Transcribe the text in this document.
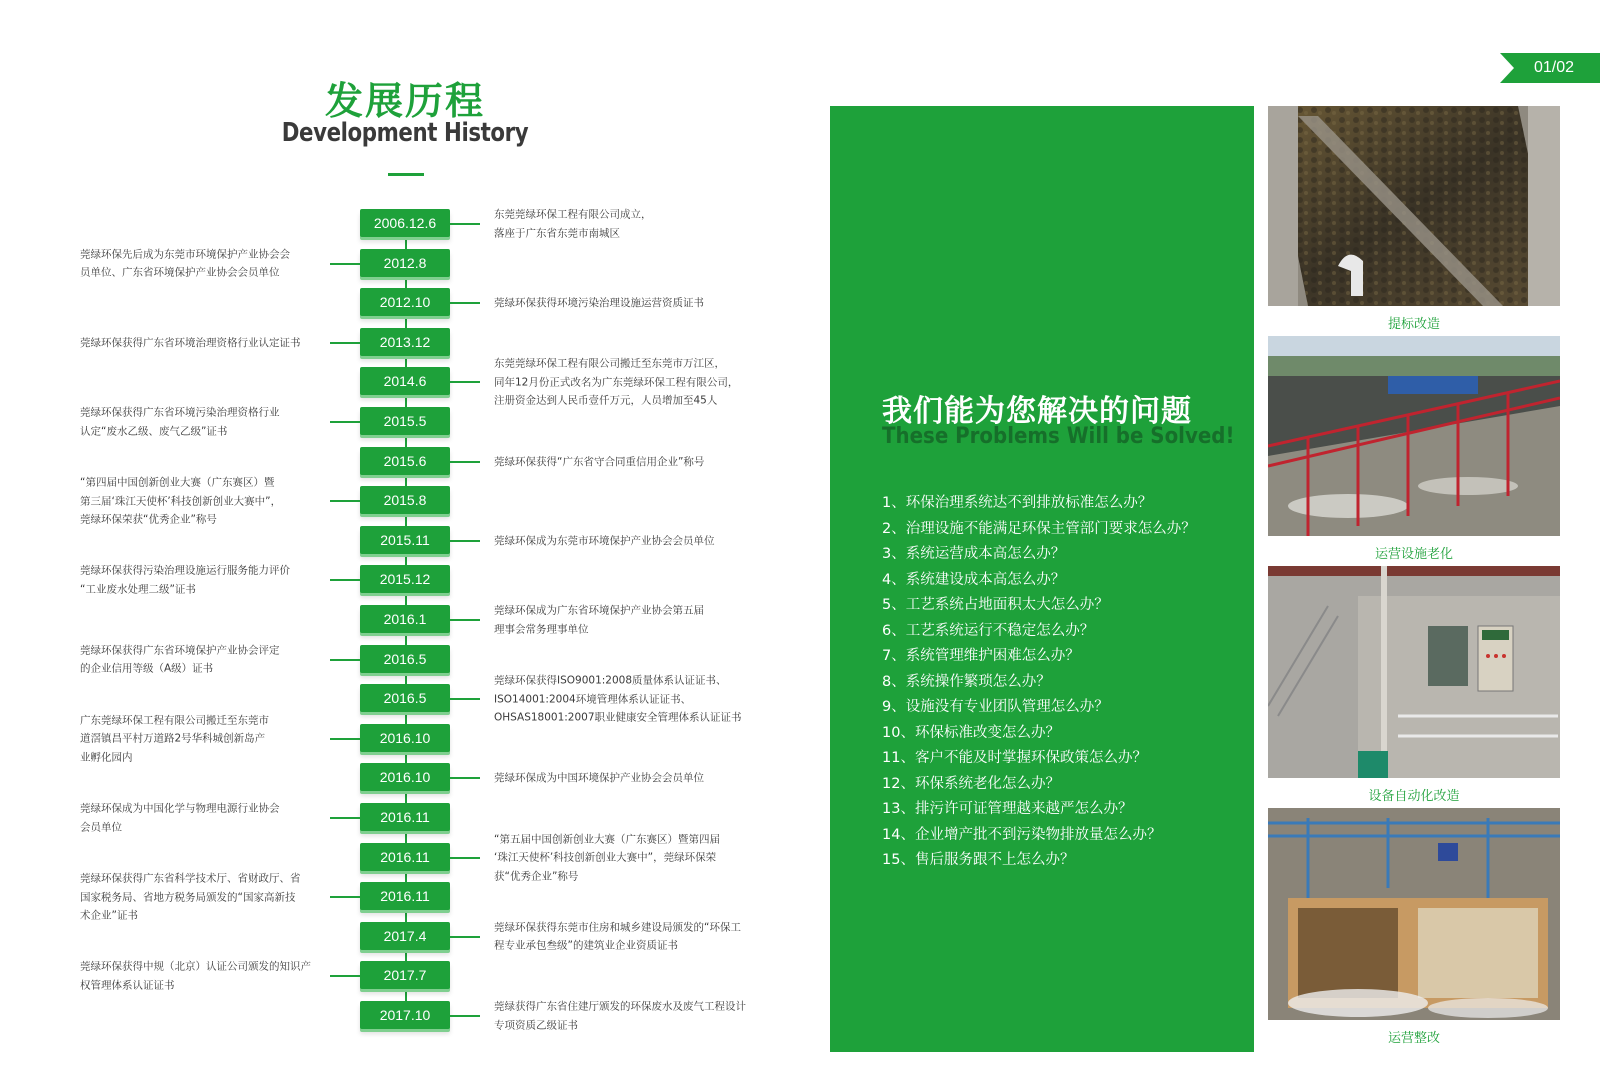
01/02
发展历程
Development History
2006.12.6
东莞莞绿环保工程有限公司成立，
落座于广东省东莞市南城区
2012.8
莞绿环保先后成为东莞市环境保护产业协会会
员单位、广东省环境保护产业协会会员单位
2012.10	莞绿环保获得环境污染治理设施运营资质证书
2013.12
莞绿环保获得广东省环境治理资格行业认定证书
2014.6
东莞莞绿环保工程有限公司搬迁至东莞市万江区，
同年12月份正式改名为广东莞绿环保工程有限公司，
注册资金达到人民币壹仟万元，人员增加至45人
2015.5
莞绿环保获得广东省环境污染治理资格行业
认定“废水乙级、废气乙级”证书
2015.6	莞绿环保获得“广东省守合同重信用企业”称号
2015.8
“第四届中国创新创业大赛（广东赛区）暨
第三届‘珠江天使杯’科技创新创业大赛中”，
莞绿环保荣获“优秀企业”称号
2015.11	莞绿环保成为东莞市环境保护产业协会会员单位
2015.12
莞绿环保获得污染治理设施运行服务能力评价
“工业废水处理二级”证书
2016.1
莞绿环保成为广东省环境保护产业协会第五届
理事会常务理事单位
2016.5
莞绿环保获得广东省环境保护产业协会评定
的企业信用等级（A级）证书
2016.5
莞绿环保获得ISO9001:2008质量体系认证证书、
ISO14001:2004环境管理体系认证证书、
OHSAS18001:2007职业健康安全管理体系认证证书
2016.10
广东莞绿环保工程有限公司搬迁至东莞市
道滘镇昌平村万道路2号华科城创新岛产
业孵化园内
2016.10	莞绿环保成为中国环境保护产业协会会员单位
2016.11
莞绿环保成为中国化学与物理电源行业协会
会员单位
2016.11
“第五届中国创新创业大赛（广东赛区）暨第四届
‘珠江天使杯’科技创新创业大赛中”，莞绿环保荣
获“优秀企业”称号
2016.11
莞绿环保获得广东省科学技术厅、省财政厅、省
国家税务局、省地方税务局颁发的“国家高新技
术企业”证书
2017.4
莞绿环保获得东莞市住房和城乡建设局颁发的“环保工
程专业承包叁级”的建筑业企业资质证书
2017.7
莞绿环保获得中规（北京）认证公司颁发的知识产
权管理体系认证证书
2017.10
莞绿获得广东省住建厅颁发的环保废水及废气工程设计
专项资质乙级证书
我们能为您解决的问题
These Problems Will be Solved!
1、环保治理系统达不到排放标准怎么办？
2、治理设施不能满足环保主管部门要求怎么办？
3、系统运营成本高怎么办？
4、系统建设成本高怎么办？
5、工艺系统占地面积太大怎么办？
6、工艺系统运行不稳定怎么办？
7、系统管理维护困难怎么办？
8、系统操作繁琐怎么办？
9、设施没有专业团队管理怎么办？
10、环保标准改变怎么办？
11、客户不能及时掌握环保政策怎么办？
12、环保系统老化怎么办？
13、排污许可证管理越来越严怎么办？
14、企业增产批不到污染物排放量怎么办？
15、售后服务跟不上怎么办？
提标改造
运营设施老化
设备自动化改造
运营整改
